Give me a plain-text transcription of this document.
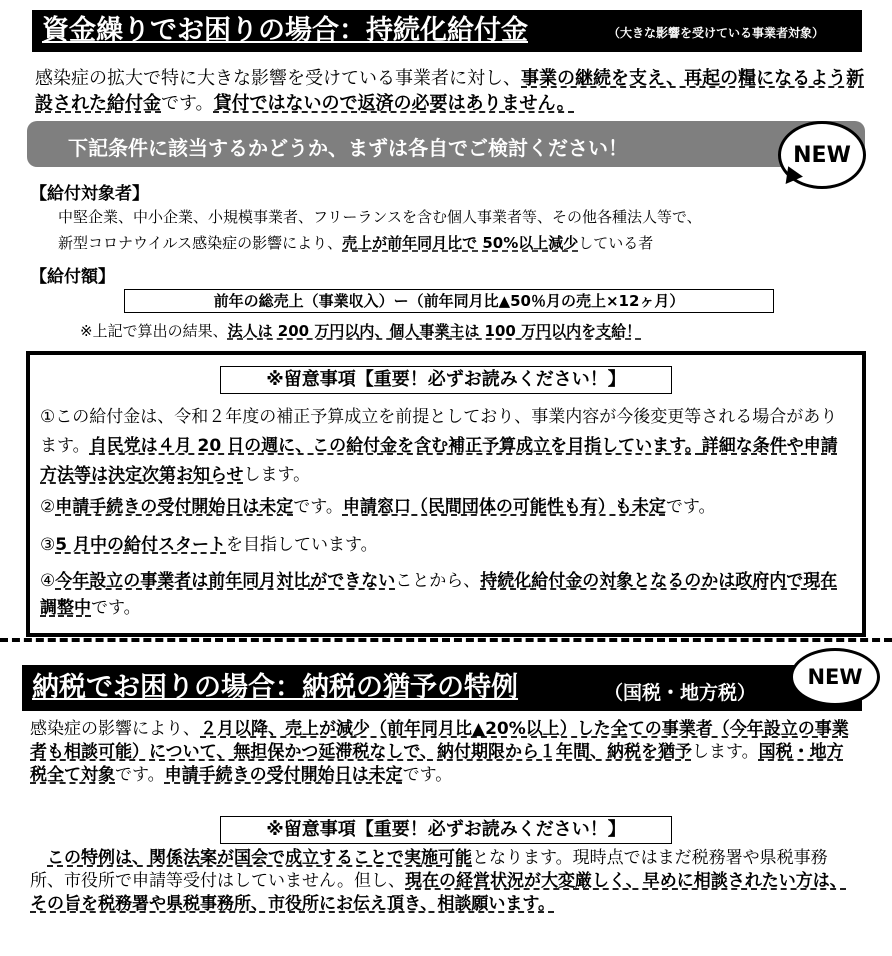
資金繰りでお困りの場合：持続化給付金	（大きな影響を受けている事業者対象）
感染症の拡大で特に大きな影響を受けている事業者に対し、事業の継続を支え、再起の糧になるよう新設された給付金です。貸付ではないので返済の必要はありません。
下記条件に該当するかどうか、まずは各自でご検討ください！	NEW
【給付対象者】
中堅企業、中小企業、小規模事業者、フリーランスを含む個人事業者等、その他各種法人等で、
新型コロナウイルス感染症の影響により、売上が前年同月比で 50%以上減少している者
【給付額】
前年の総売上（事業収入）ー（前年同月比▲50％月の売上×12ヶ月）
※上記で算出の結果、法人は 200 万円以内、個人事業主は 100 万円以内を支給！
※留意事項【重要！必ずお読みください！】
①この給付金は、令和２年度の補正予算成立を前提としており、事業内容が今後変更等される場合があります。自民党は４月 20 日の週に、この給付金を含む補正予算成立を目指しています。詳細な条件や申請方法等は決定次第お知らせします。
②申請手続きの受付開始日は未定です。申請窓口（民間団体の可能性も有）も未定です。
③5 月中の給付スタートを目指しています。
④今年設立の事業者は前年同月対比ができないことから、持続化給付金の対象となるのかは政府内で現在調整中です。
納税でお困りの場合：納税の猶予の特例	（国税・地方税）
NEW
感染症の影響により、２月以降、売上が減少（前年同月比▲20%以上）した全ての事業者（今年設立の事業者も相談可能）について、無担保かつ延滞税なしで、納付期限から１年間、納税を猶予します。国税・地方税全て対象です。申請手続きの受付開始日は未定です。
※留意事項【重要！必ずお読みください！】
この特例は、関係法案が国会で成立することで実施可能となります。現時点ではまだ税務署や県税事務所、市役所で申請等受付はしていません。但し、現在の経営状況が大変厳しく、早めに相談されたい方は、その旨を税務署や県税事務所、市役所にお伝え頂き、相談願います。
